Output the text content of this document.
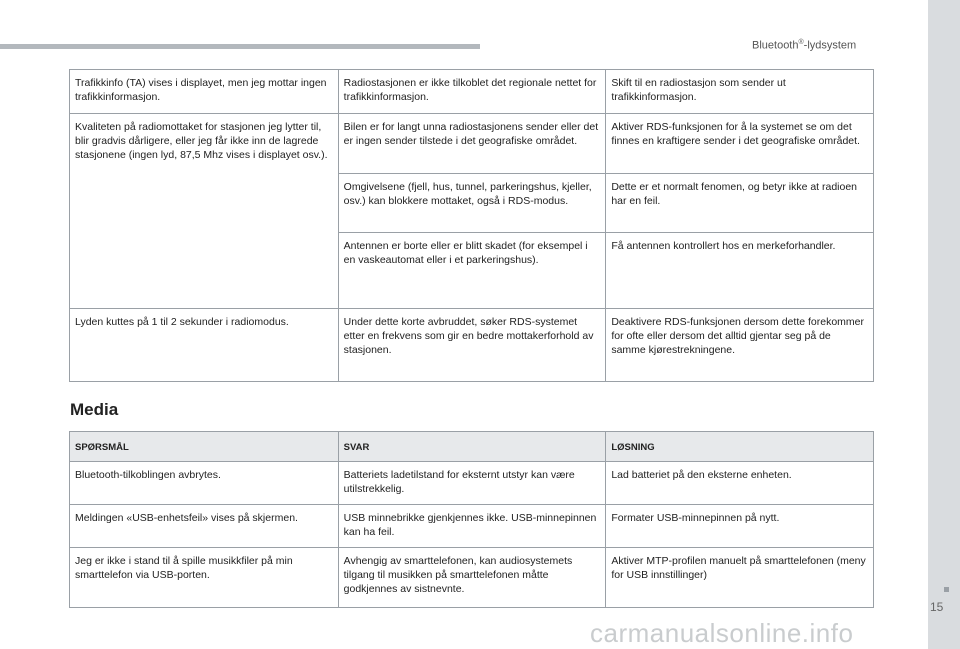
Bluetooth®-lydsystem
Trafikkinfo (TA) vises i displayet, men jeg mottar ingen trafikkinformasjon.	Radiostasjonen er ikke tilkoblet det regionale nettet for trafikkinformasjon.	Skift til en radiostasjon som sender ut trafikkinformasjon.
Kvaliteten på radiomottaket for stasjonen jeg lytter til, blir gradvis dårligere, eller jeg får ikke inn de lagrede stasjonene (ingen lyd, 87,5 Mhz vises i displayet osv.).	Bilen er for langt unna radiostasjonens sender eller det er ingen sender tilstede i det geografiske området.	Aktiver RDS-funksjonen for å la systemet se om det finnes en kraftigere sender i det geografiske området.
	Omgivelsene (fjell, hus, tunnel, parkeringshus, kjeller, osv.) kan blokkere mottaket, også i RDS-modus.	Dette er et normalt fenomen, og betyr ikke at radioen har en feil.
	Antennen er borte eller er blitt skadet (for eksempel i en vaskeautomat eller i et parkeringshus).	Få antennen kontrollert hos en merkeforhandler.
Lyden kuttes på 1 til 2 sekunder i radiomodus.	Under dette korte avbruddet, søker RDS-systemet etter en frekvens som gir en bedre mottakerforhold av stasjonen.	Deaktivere RDS-funksjonen dersom dette forekommer for ofte eller dersom det alltid gjentar seg på de samme kjørestrekningene.
Media
SPØRSMÅL	SVAR	LØSNING
Bluetooth-tilkoblingen avbrytes.	Batteriets ladetilstand for eksternt utstyr kan være utilstrekkelig.	Lad batteriet på den eksterne enheten.
Meldingen «USB-enhetsfeil» vises på skjermen.	USB minnebrikke gjenkjennes ikke. USB-minnepinnen kan ha feil.	Formater USB-minnepinnen på nytt.
Jeg er ikke i stand til å spille musikkfiler på min smarttelefon via USB-porten.	Avhengig av smarttelefonen, kan audiosystemets tilgang til musikken på smarttelefonen måtte godkjennes av sistnevnte.	Aktiver MTP-profilen manuelt på smarttelefonen (meny for USB innstillinger)
15
carmanualsonline.info
